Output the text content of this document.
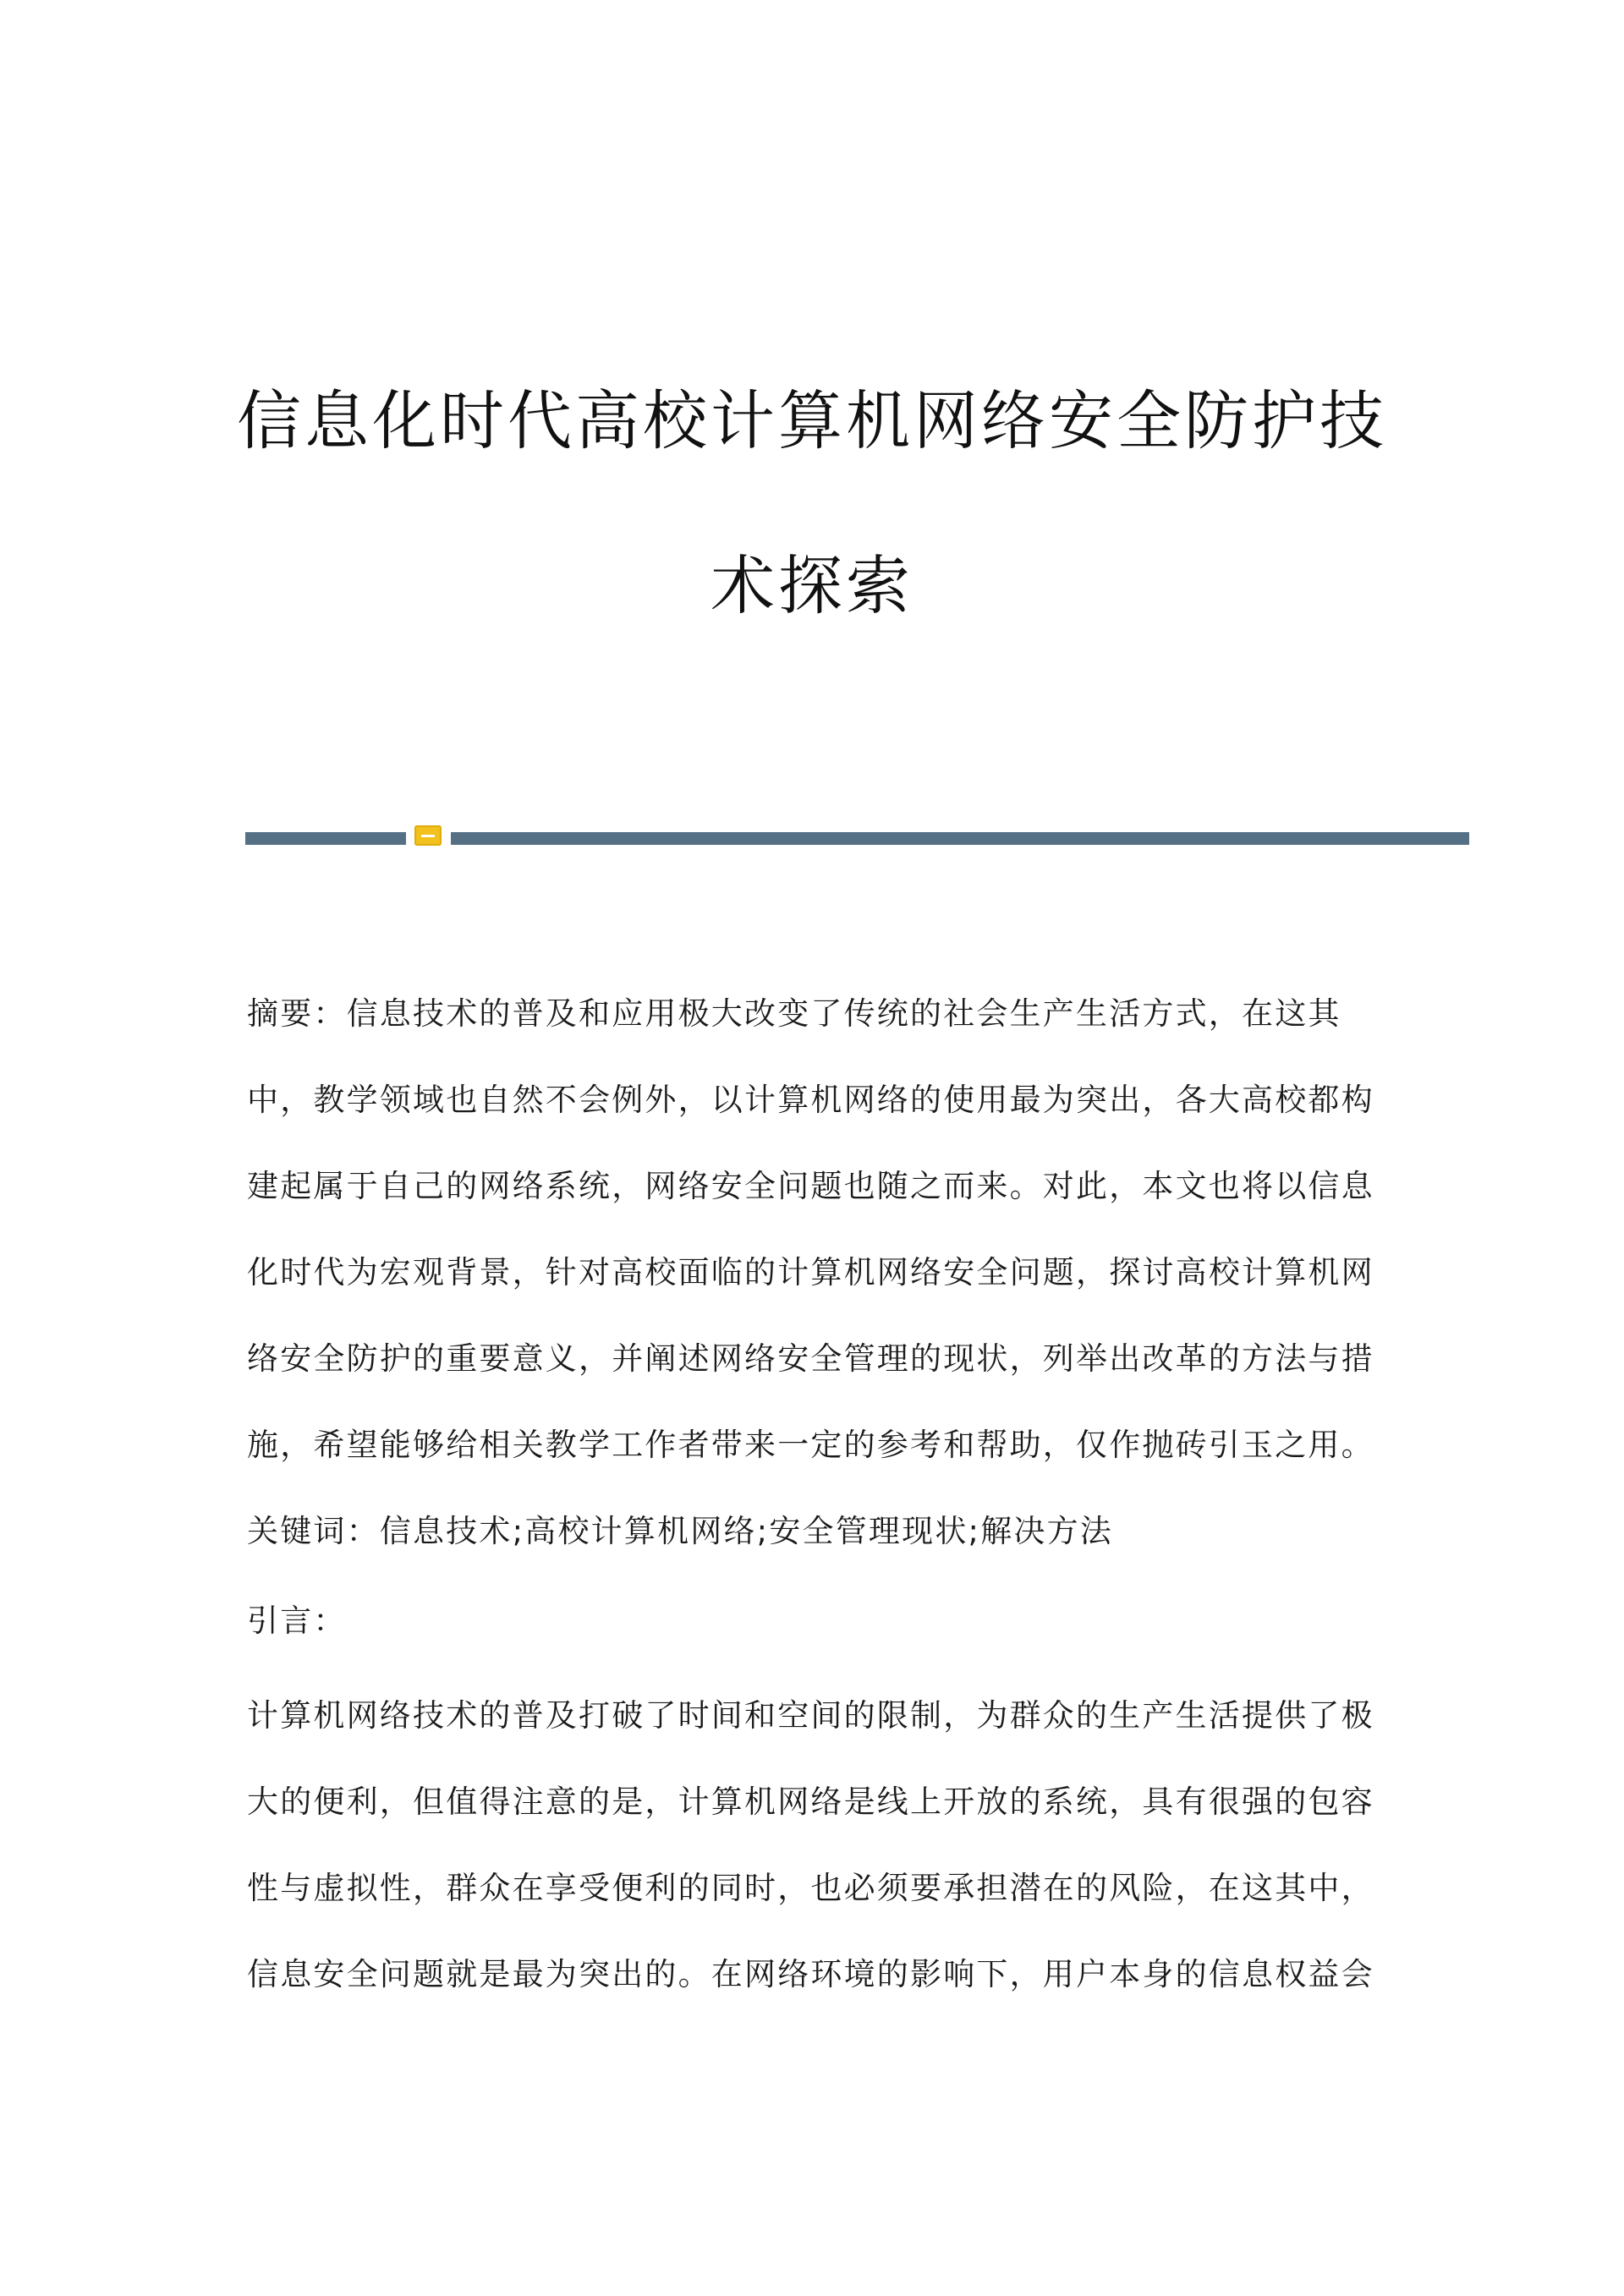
信息化时代高校计算机网络安全防护技
术探索
摘要：信息技术的普及和应用极大改变了传统的社会生产生活方式，在这其
中，教学领域也自然不会例外，以计算机网络的使用最为突出，各大高校都构
建起属于自己的网络系统，网络安全问题也随之而来。对此，本文也将以信息
化时代为宏观背景，针对高校面临的计算机网络安全问题，探讨高校计算机网
络安全防护的重要意义，并阐述网络安全管理的现状，列举出改革的方法与措
施，希望能够给相关教学工作者带来一定的参考和帮助，仅作抛砖引玉之用。
关键词：信息技术;高校计算机网络;安全管理现状;解决方法
引言：
计算机网络技术的普及打破了时间和空间的限制，为群众的生产生活提供了极
大的便利，但值得注意的是，计算机网络是线上开放的系统，具有很强的包容
性与虚拟性，群众在享受便利的同时，也必须要承担潜在的风险，在这其中，
信息安全问题就是最为突出的。在网络环境的影响下，用户本身的信息权益会
